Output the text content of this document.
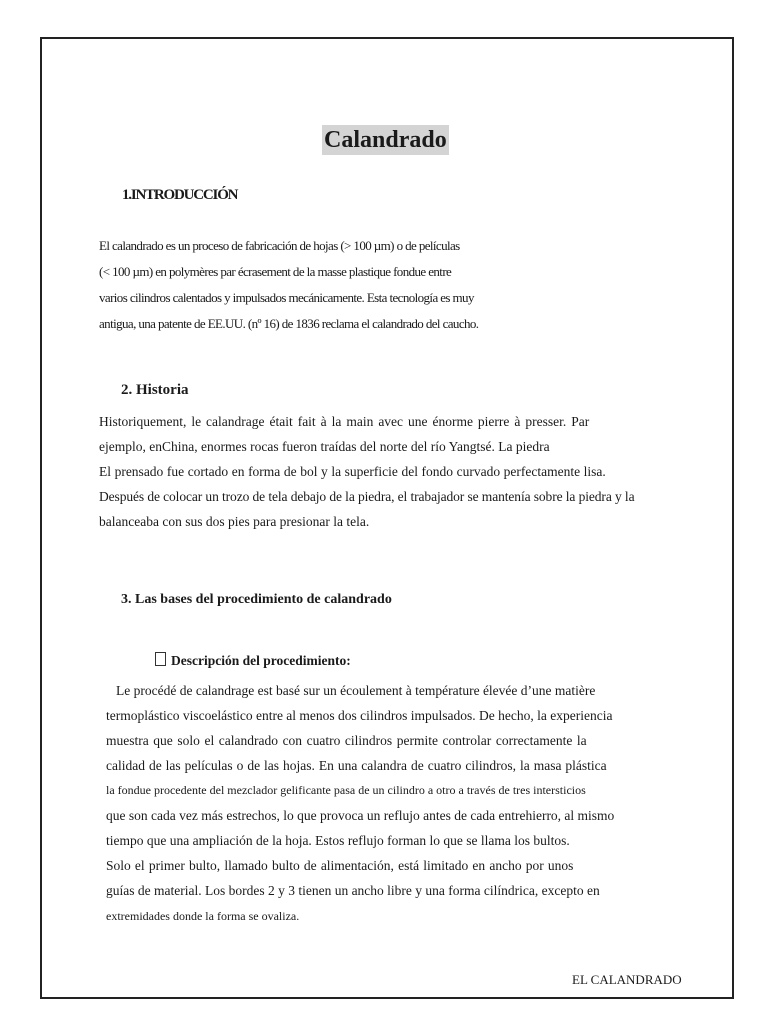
Calandrado
1.INTRODUCCIÓN

El calandrado es un proceso de fabricación de hojas (> 100 µm) o de películas

(< 100 µm) en polymères par écrasement de la masse plastique fondue entre

varios cilindros calentados y impulsados mecánicamente. Esta tecnología es muy

antigua, una patente de EE.UU. (nº 16) de 1836 reclama el calandrado del caucho.

2. Historia

Historiquement, le calandrage était fait à la main avec une énorme pierre à presser. Par

ejemplo, enChina, enormes rocas fueron traídas del norte del río Yangtsé. La piedra

El prensado fue cortado en forma de bol y la superficie del fondo curvado perfectamente lisa.

Después de colocar un trozo de tela debajo de la piedra, el trabajador se mantenía sobre la piedra y la

balanceaba con sus dos pies para presionar la tela.

3. Las bases del procedimiento de calandrado
Descripción del procedimiento:

Le procédé de calandrage est basé sur un écoulement à température élevée d’une matière

termoplástico viscoelástico entre al menos dos cilindros impulsados. De hecho, la experiencia

muestra que solo el calandrado con cuatro cilindros permite controlar correctamente la

calidad de las películas o de las hojas. En una calandra de cuatro cilindros, la masa plástica

la fondue procedente del mezclador gelificante pasa de un cilindro a otro a través de tres intersticios

que son cada vez más estrechos, lo que provoca un reflujo antes de cada entrehierro, al mismo

tiempo que una ampliación de la hoja. Estos reflujo forman lo que se llama los bultos.

Solo el primer bulto, llamado bulto de alimentación, está limitado en ancho por unos

guías de material. Los bordes 2 y 3 tienen un ancho libre y una forma cilíndrica, excepto en

extremidades donde la forma se ovaliza.

EL CALANDRADO
